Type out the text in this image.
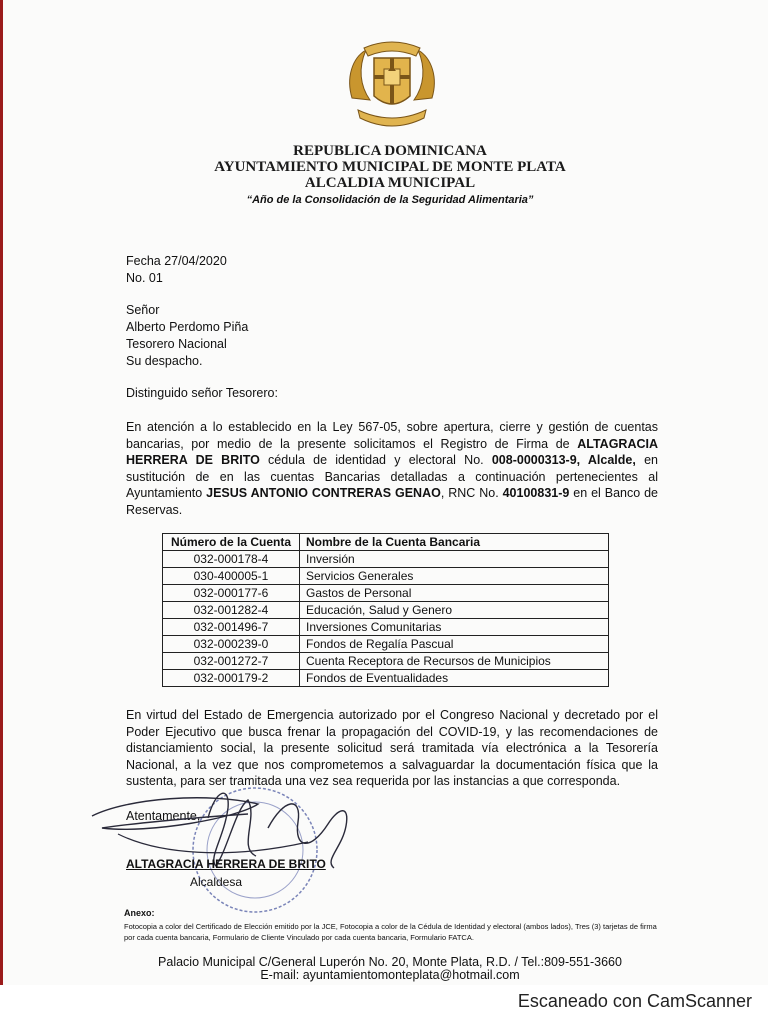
REPUBLICA DOMINICANA
AYUNTAMIENTO MUNICIPAL DE MONTE PLATA
ALCALDIA MUNICIPAL
“Año de la Consolidación de la Seguridad Alimentaria”
Fecha 27/04/2020
No. 01
Señor
Alberto Perdomo Piña
Tesorero Nacional
Su despacho.
Distinguido señor Tesorero:
En atención a lo establecido en la Ley 567-05, sobre apertura, cierre y gestión de cuentas bancarias, por medio de la presente solicitamos el Registro de Firma de ALTAGRACIA HERRERA DE BRITO cédula de identidad y electoral No. 008-0000313-9, Alcalde, en sustitución de en las cuentas Bancarias detalladas a continuación pertenecientes al Ayuntamiento JESUS ANTONIO CONTRERAS GENAO, RNC No. 40100831-9 en el Banco de Reservas.
Número de la Cuenta	Nombre de la Cuenta Bancaria
032-000178-4	Inversión
030-400005-1	Servicios Generales
032-000177-6	Gastos de Personal
032-001282-4	Educación, Salud y Genero
032-001496-7	Inversiones Comunitarias
032-000239-0	Fondos de Regalía Pascual
032-001272-7	Cuenta Receptora de Recursos de Municipios
032-000179-2	Fondos de Eventualidades
En virtud del Estado de Emergencia autorizado por el Congreso Nacional y decretado por el Poder Ejecutivo que busca frenar la propagación del COVID-19, y las recomendaciones de distanciamiento social, la presente solicitud será tramitada vía electrónica a la Tesorería Nacional, a la vez que nos comprometemos a salvaguardar la documentación física que la sustenta, para ser tramitada una vez sea requerida por las instancias a que corresponda.
Atentamente,
ALTAGRACIA HERRERA DE BRITO
Alcaldesa
Anexo:
Fotocopia a color del Certificado de Elección emitido por la JCE, Fotocopia a color de la Cédula de Identidad y electoral (ambos lados), Tres (3) tarjetas de firma por cada cuenta bancaria, Formulario de Cliente Vinculado por cada cuenta bancaria, Formulario FATCA.
Palacio Municipal C/General Luperón No. 20, Monte Plata, R.D. / Tel.:809-551-3660
E-mail: ayuntamientomonteplata@hotmail.com
Escaneado con CamScanner
